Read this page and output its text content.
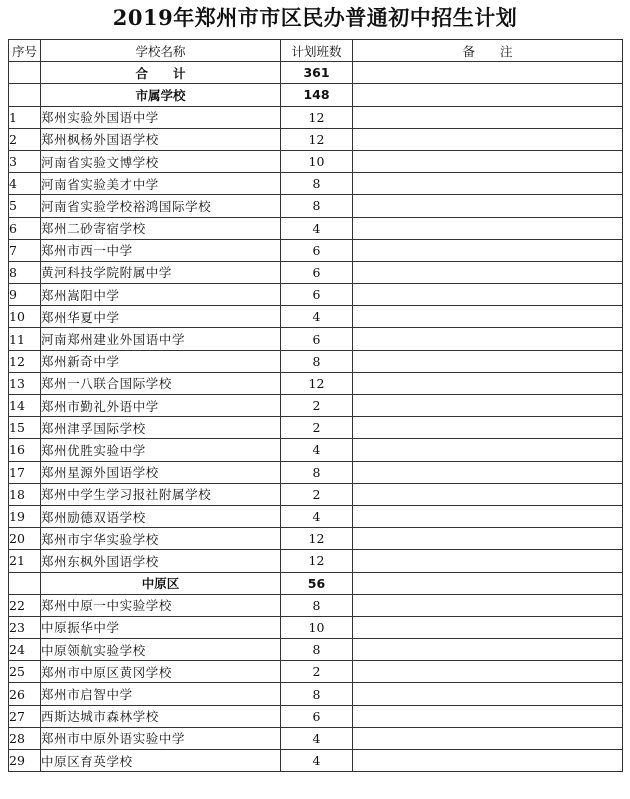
2019年郑州市市区民办普通初中招生计划
序号	学校名称	计划班数	备　　注
	合　　计	361	
	市属学校	148	
1	郑州实验外国语中学	12	
2	郑州枫杨外国语学校	12	
3	河南省实验文博学校	10	
4	河南省实验美才中学	8	
5	河南省实验学校裕鸿国际学校	8	
6	郑州二砂寄宿学校	4	
7	郑州市西一中学	6	
8	黄河科技学院附属中学	6	
9	郑州嵩阳中学	6	
10	郑州华夏中学	4	
11	河南郑州建业外国语中学	6	
12	郑州新奇中学	8	
13	郑州一八联合国际学校	12	
14	郑州市勤礼外语中学	2	
15	郑州津孚国际学校	2	
16	郑州优胜实验中学	4	
17	郑州星源外国语学校	8	
18	郑州中学生学习报社附属学校	2	
19	郑州励德双语学校	4	
20	郑州市宇华实验学校	12	
21	郑州东枫外国语学校	12	
	中原区	56	
22	郑州中原一中实验学校	8	
23	中原振华中学	10	
24	中原领航实验学校	8	
25	郑州市中原区黄冈学校	2	
26	郑州市启智中学	8	
27	西斯达城市森林学校	6	
28	郑州市中原外语实验中学	4	
29	中原区育英学校	4	
